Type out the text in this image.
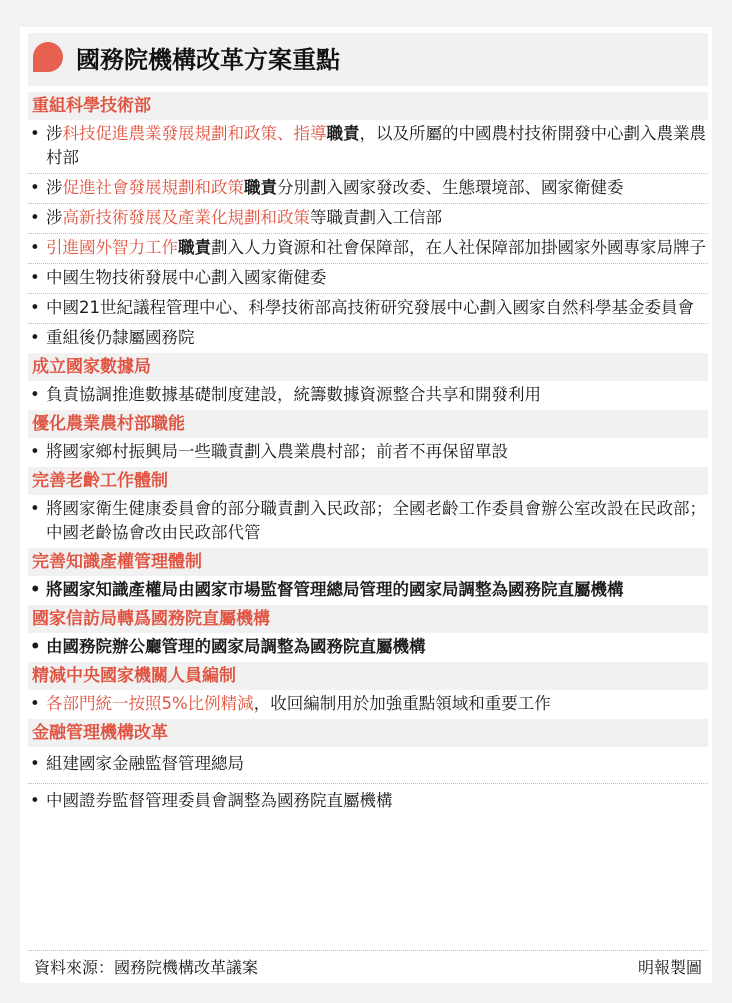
國務院機構改革方案重點
重組科學技術部
• 涉科技促進農業發展規劃和政策、指導職責，以及所屬的中國農村技術開發中心劃入農業農村部
• 涉促進社會發展規劃和政策職責分別劃入國家發改委、生態環境部、國家衛健委
• 涉高新技術發展及產業化規劃和政策等職責劃入工信部
• 引進國外智力工作職責劃入人力資源和社會保障部，在人社保障部加掛國家外國專家局牌子
• 中國生物技術發展中心劃入國家衛健委
• 中國21世紀議程管理中心、科學技術部高技術研究發展中心劃入國家自然科學基金委員會
• 重組後仍隸屬國務院
成立國家數據局
• 負責協調推進數據基礎制度建設，統籌數據資源整合共享和開發利用
優化農業農村部職能
• 將國家鄉村振興局一些職責劃入農業農村部；前者不再保留單設
完善老齡工作體制
• 將國家衛生健康委員會的部分職責劃入民政部；全國老齡工作委員會辦公室改設在民政部；中國老齡協會改由民政部代管
完善知識產權管理體制
• 將國家知識產權局由國家市場監督管理總局管理的國家局調整為國務院直屬機構
國家信訪局轉爲國務院直屬機構
• 由國務院辦公廳管理的國家局調整為國務院直屬機構
精減中央國家機關人員編制
• 各部門統一按照5%比例精減，收回編制用於加強重點領域和重要工作
金融管理機構改革
• 組建國家金融監督管理總局
• 中國證券監督管理委員會調整為國務院直屬機構
資料來源：國務院機構改革議案	明報製圖
